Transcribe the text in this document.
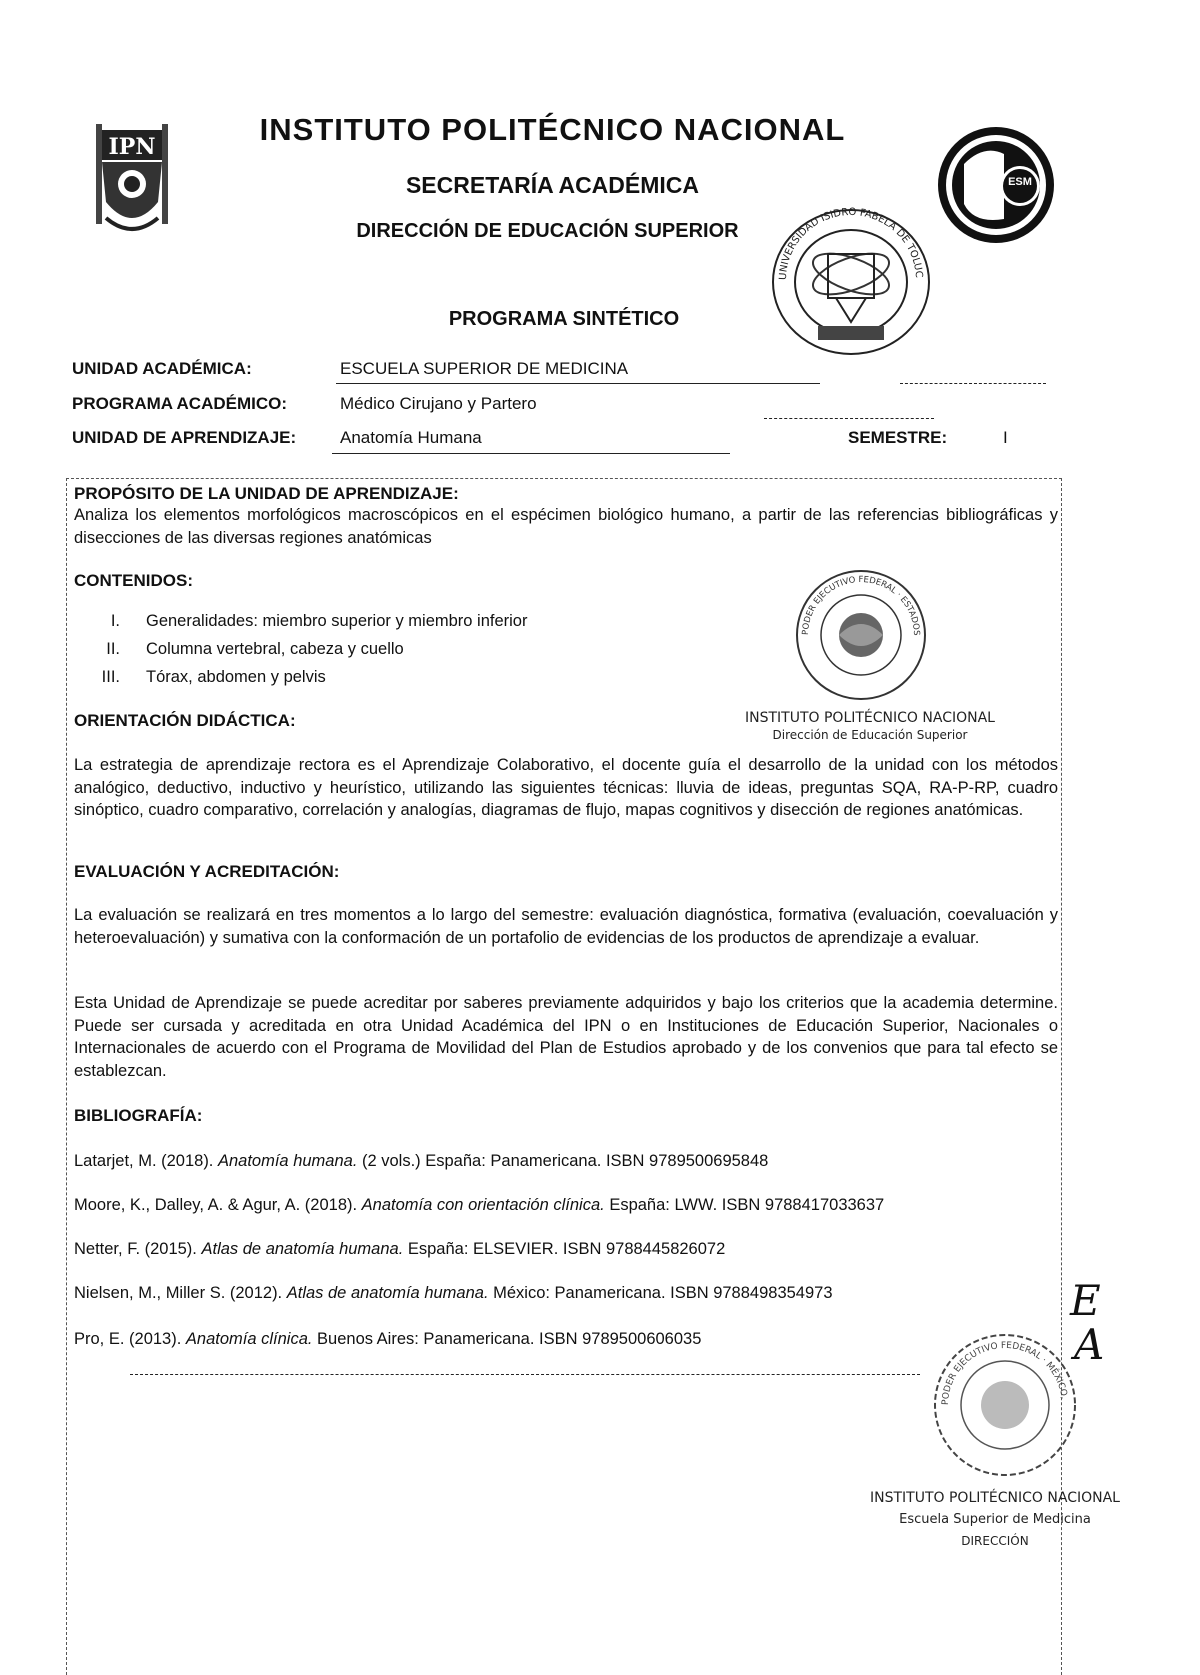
IPN
ESM
UNIVERSIDAD ISIDRO FABELA DE TOLUC
INSTITUTO POLITÉCNICO NACIONAL
SECRETARÍA ACADÉMICA
DIRECCIÓN DE EDUCACIÓN SUPERIOR
PROGRAMA SINTÉTICO
UNIDAD ACADÉMICA:	ESCUELA SUPERIOR DE MEDICINA
PROGRAMA ACADÉMICO:	Médico Cirujano y Partero
UNIDAD DE APRENDIZAJE:	Anatomía Humana	SEMESTRE:	I
PROPÓSITO DE LA UNIDAD DE APRENDIZAJE:
Analiza los elementos morfológicos macroscópicos en el espécimen biológico humano, a partir de las referencias bibliográficas y disecciones de las diversas regiones anatómicas
CONTENIDOS:
I. Generalidades: miembro superior y miembro inferior
II. Columna vertebral, cabeza y cuello
III. Tórax, abdomen y pelvis
PODER EJECUTIVO FEDERAL · ESTADOS
INSTITUTO POLITÉCNICO NACIONAL
Dirección de Educación Superior
ORIENTACIÓN DIDÁCTICA:
La estrategia de aprendizaje rectora es el Aprendizaje Colaborativo, el docente guía el desarrollo de la unidad con los métodos analógico, deductivo, inductivo y heurístico, utilizando las siguientes técnicas: lluvia de ideas, preguntas SQA, RA-P-RP, cuadro sinóptico, cuadro comparativo, correlación y analogías, diagramas de flujo, mapas cognitivos y disección de regiones anatómicas.
EVALUACIÓN Y ACREDITACIÓN:
La evaluación se realizará en tres momentos a lo largo del semestre: evaluación diagnóstica, formativa (evaluación, coevaluación y heteroevaluación) y sumativa con la conformación de un portafolio de evidencias de los productos de aprendizaje a evaluar.
Esta Unidad de Aprendizaje se puede acreditar por saberes previamente adquiridos y bajo los criterios que la academia determine. Puede ser cursada y acreditada en otra Unidad Académica del IPN o en Instituciones de Educación Superior, Nacionales o Internacionales de acuerdo con el Programa de Movilidad del Plan de Estudios aprobado y de los convenios que para tal efecto se establezcan.
BIBLIOGRAFÍA:
Latarjet, M. (2018). Anatomía humana. (2 vols.) España: Panamericana. ISBN 9789500695848
Moore, K., Dalley, A. & Agur, A. (2018). Anatomía con orientación clínica. España: LWW. ISBN 9788417033637
Netter, F. (2015). Atlas de anatomía humana. España: ELSEVIER. ISBN 9788445826072
Nielsen, M., Miller S. (2012). Atlas de anatomía humana. México: Panamericana. ISBN 9788498354973
Pro, E. (2013). Anatomía clínica. Buenos Aires: Panamericana. ISBN 9789500606035
E
A
PODER EJECUTIVO FEDERAL · MÉXICO,
INSTITUTO POLITÉCNICO NACIONAL
Escuela Superior de Medicina
DIRECCIÓN
